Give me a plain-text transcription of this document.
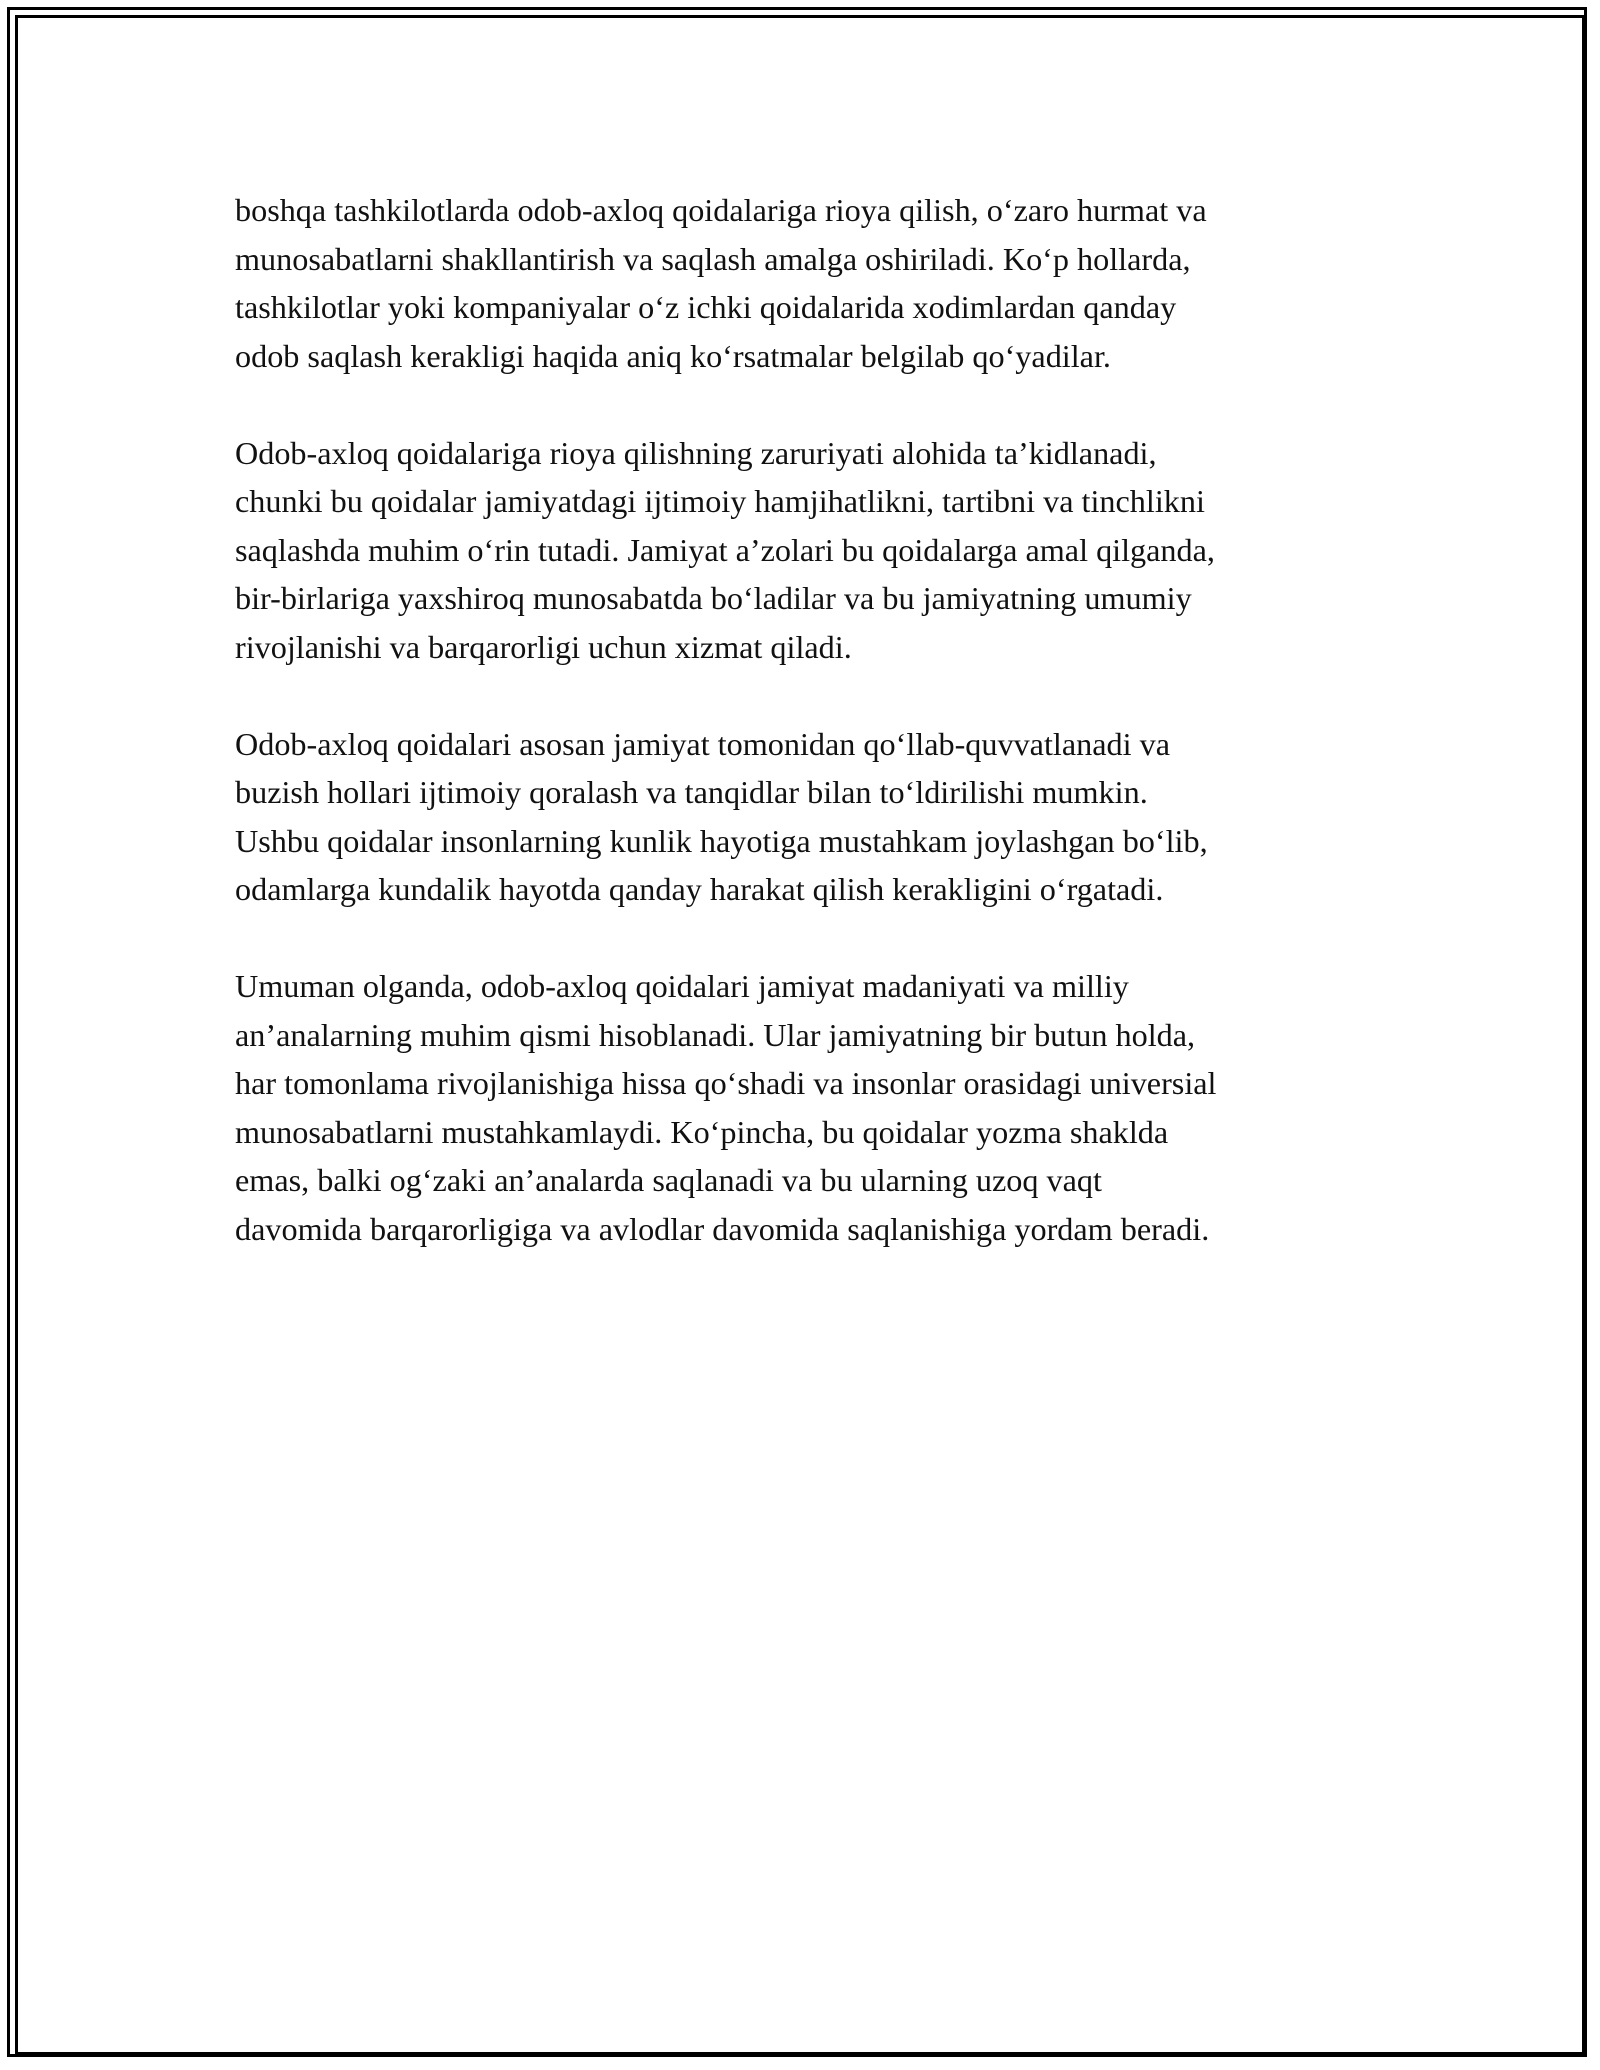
boshqa tashkilotlarda odob-axloq qoidalariga rioya qilish, o‘zaro hurmat va
munosabatlarni shakllantirish va saqlash amalga oshiriladi. Ko‘p hollarda,
tashkilotlar yoki kompaniyalar o‘z ichki qoidalarida xodimlardan qanday
odob saqlash kerakligi haqida aniq ko‘rsatmalar belgilab qo‘yadilar.

Odob-axloq qoidalariga rioya qilishning zaruriyati alohida ta’kidlanadi,
chunki bu qoidalar jamiyatdagi ijtimoiy hamjihatlikni, tartibni va tinchlikni
saqlashda muhim o‘rin tutadi. Jamiyat a’zolari bu qoidalarga amal qilganda,
bir-birlariga yaxshiroq munosabatda bo‘ladilar va bu jamiyatning umumiy
rivojlanishi va barqarorligi uchun xizmat qiladi.

Odob-axloq qoidalari asosan jamiyat tomonidan qo‘llab-quvvatlanadi va
buzish hollari ijtimoiy qoralash va tanqidlar bilan to‘ldirilishi mumkin.
Ushbu qoidalar insonlarning kunlik hayotiga mustahkam joylashgan bo‘lib,
odamlarga kundalik hayotda qanday harakat qilish kerakligini o‘rgatadi.

Umuman olganda, odob-axloq qoidalari jamiyat madaniyati va milliy
an’analarning muhim qismi hisoblanadi. Ular jamiyatning bir butun holda,
har tomonlama rivojlanishiga hissa qo‘shadi va insonlar orasidagi universial
munosabatlarni mustahkamlaydi. Ko‘pincha, bu qoidalar yozma shaklda
emas, balki og‘zaki an’analarda saqlanadi va bu ularning uzoq vaqt
davomida barqarorligiga va avlodlar davomida saqlanishiga yordam beradi.
